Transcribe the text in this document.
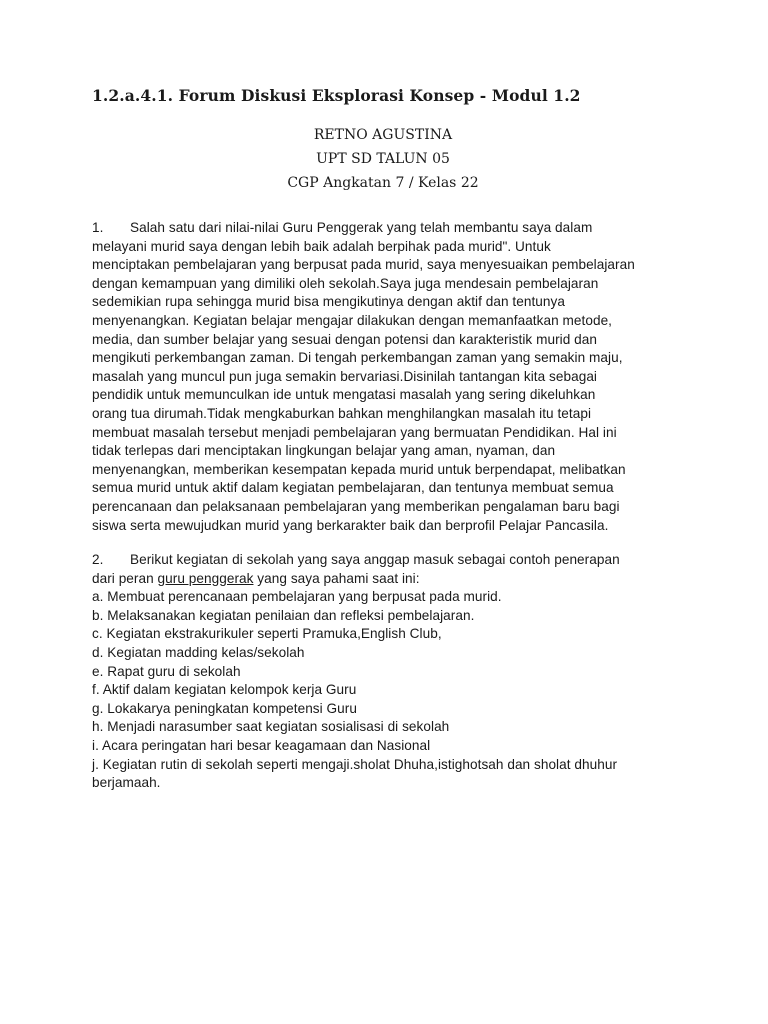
1.2.a.4.1. Forum Diskusi Eksplorasi Konsep - Modul 1.2
RETNO AGUSTINA
UPT SD TALUN 05
CGP Angkatan 7 / Kelas 22
1. Salah satu dari nilai-nilai Guru Penggerak yang telah membantu saya dalam
melayani murid saya dengan lebih baik adalah berpihak pada murid". Untuk
menciptakan pembelajaran yang berpusat pada murid, saya menyesuaikan pembelajaran
dengan kemampuan yang dimiliki oleh sekolah.Saya juga mendesain pembelajaran
sedemikian rupa sehingga murid bisa mengikutinya dengan aktif dan tentunya
menyenangkan. Kegiatan belajar mengajar dilakukan dengan memanfaatkan metode,
media, dan sumber belajar yang sesuai dengan potensi dan karakteristik murid dan
mengikuti perkembangan zaman. Di tengah perkembangan zaman yang semakin maju,
masalah yang muncul pun juga semakin bervariasi.Disinilah tantangan kita sebagai
pendidik untuk memunculkan ide untuk mengatasi masalah yang sering dikeluhkan
orang tua dirumah.Tidak mengkaburkan bahkan menghilangkan masalah itu tetapi
membuat masalah tersebut menjadi pembelajaran yang bermuatan Pendidikan. Hal ini
tidak terlepas dari menciptakan lingkungan belajar yang aman, nyaman, dan
menyenangkan, memberikan kesempatan kepada murid untuk berpendapat, melibatkan
semua murid untuk aktif dalam kegiatan pembelajaran, dan tentunya membuat semua
perencanaan dan pelaksanaan pembelajaran yang memberikan pengalaman baru bagi
siswa serta mewujudkan murid yang berkarakter baik dan berprofil Pelajar Pancasila.
2. Berikut kegiatan di sekolah yang saya anggap masuk sebagai contoh penerapan
dari peran guru penggerak yang saya pahami saat ini:
a. Membuat perencanaan pembelajaran yang berpusat pada murid.
b. Melaksanakan kegiatan penilaian dan refleksi pembelajaran.
c. Kegiatan ekstrakurikuler seperti Pramuka,English Club,
d. Kegiatan madding kelas/sekolah
e. Rapat guru di sekolah
f. Aktif dalam kegiatan kelompok kerja Guru
g. Lokakarya peningkatan kompetensi Guru
h. Menjadi narasumber saat kegiatan sosialisasi di sekolah
i. Acara peringatan hari besar keagamaan dan Nasional
j. Kegiatan rutin di sekolah seperti mengaji.sholat Dhuha,istighotsah dan sholat dhuhur
berjamaah.
